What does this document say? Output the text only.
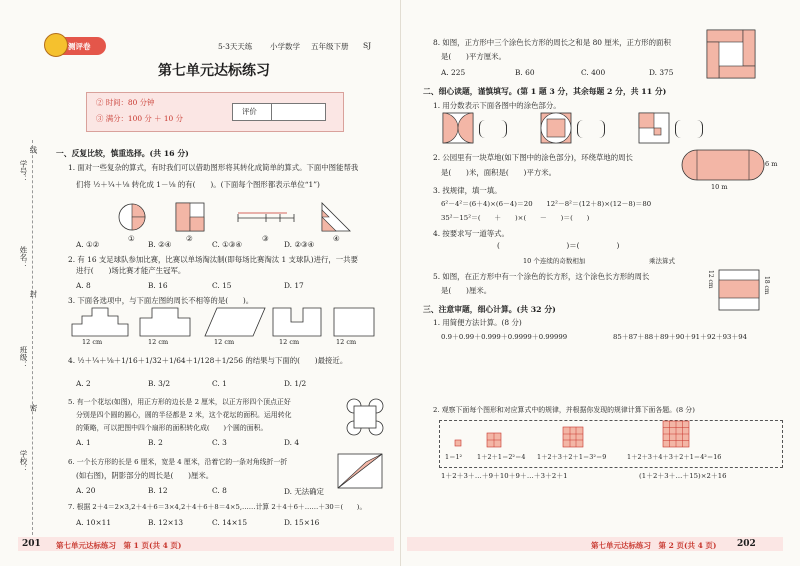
测评卷	5·3天天练 小学数学 五年级下册 SJ
第七单元达标练习
② 时间：80 分钟
③ 满分：100 分 ＋ 10 分
评价
学号：
线
姓名：
封
班级：
密
学校：
一、反复比较，慎重选择。(共 16 分)
1. 面对一些复杂的算式，有时我们可以借助图形将其转化成简单的算式。下面中图能帮我
们将 ½＋¼＋⅛ 转化成 1－⅛ 的有(　　)。(下面每个图形都表示单位“1”)
①	②	③	④
A. ①②	B. ②④	C. ①③④	D. ②③④
2. 有 16 支足球队参加比赛，比赛以单场淘汰制(即每场比赛淘汰 1 支球队)进行，一共要
进行(　　)场比赛才能产生冠军。
A. 8	B. 16	C. 15	D. 17
3. 下面各选项中，与下面左图的周长不相等的是(　　)。
12 cm	12 cm	12 cm	12 cm	12 cm
4. ½＋¼＋⅛＋1/16＋1/32＋1/64＋1/128＋1/256 的结果与下面的(　　)最接近。
A. 2	B. 3/2	C. 1	D. 1/2
5. 有一个花坛(如图)，用正方形的边长是 2 厘米，以正方形四个顶点正好
分别是四个圆的圆心，圆的半径都是 2 米，这个花坛的面积。运用转化
的策略，可以把图中四个扇形的面积转化成(　　)个圆的面积。
A. 1	B. 2	C. 3	D. 4
6. 一个长方形的长是 6 厘米，宽是 4 厘米，沿着它的一条对角线折一折
(如右图)，阴影部分的周长是(　　)厘米。
A. 20	B. 12	C. 8	D. 无法确定
7. 根据 2＋4＝2×3,2＋4＋6＝3×4,2＋4＋6＋8＝4×5,……计算 2＋4＋6＋……＋30＝(　　)。
A. 10×11	B. 12×13	C. 14×15	D. 15×16
201 第七单元达标练习　第 1 页(共 4 页)
8. 如图，正方形中三个涂色长方形的周长之和是 80 厘米，正方形的面积
是(　　)平方厘米。
A. 225	B. 60	C. 400	D. 375
二、细心读题，谨慎填写。(第 1 题 3 分，其余每题 2 分，共 11 分)
1. 用分数表示下面各图中的涂色部分。
2. 公园里有一块草地(如下图中的涂色部分)，环绕草地的周长
是(　　)米，面积是(　　)平方米。
10 m
6 m
3. 找规律，填一填。
6²－4²＝(6＋4)×(6－4)＝20　　12²－8²＝(12＋8)×(12－8)＝80
35²－15²＝(　　＋　　)×(　　－　　)＝(　　)
4. 按要求写一道等式。
(　　　　　　　　　)＝(　　　　　)
10 个连续的奇数相加	乘法算式
5. 如图，在正方形中有一个涂色的长方形，这个涂色长方形的周长
是(　　)厘米。
12 cm	18 cm
三、注意审题，细心计算。(共 32 分)
1. 用简便方法计算。(8 分)
0.9＋0.99＋0.999＋0.9999＋0.99999	85＋87＋88＋89＋90＋91＋92＋93＋94
2. 观察下面每个图形和对应算式中的规律，并根据你发现的规律计算下面各题。(8 分)
1＝1² 1＋2＋1＝2²＝4 1＋2＋3＋2＋1＝3²＝9	1＋2＋3＋4＋3＋2＋1＝4²＝16
1＋2＋3＋…＋9＋10＋9＋…＋3＋2＋1	(1＋2＋3＋…＋15)×2＋16
第七单元达标练习　第 2 页(共 4 页) 202
